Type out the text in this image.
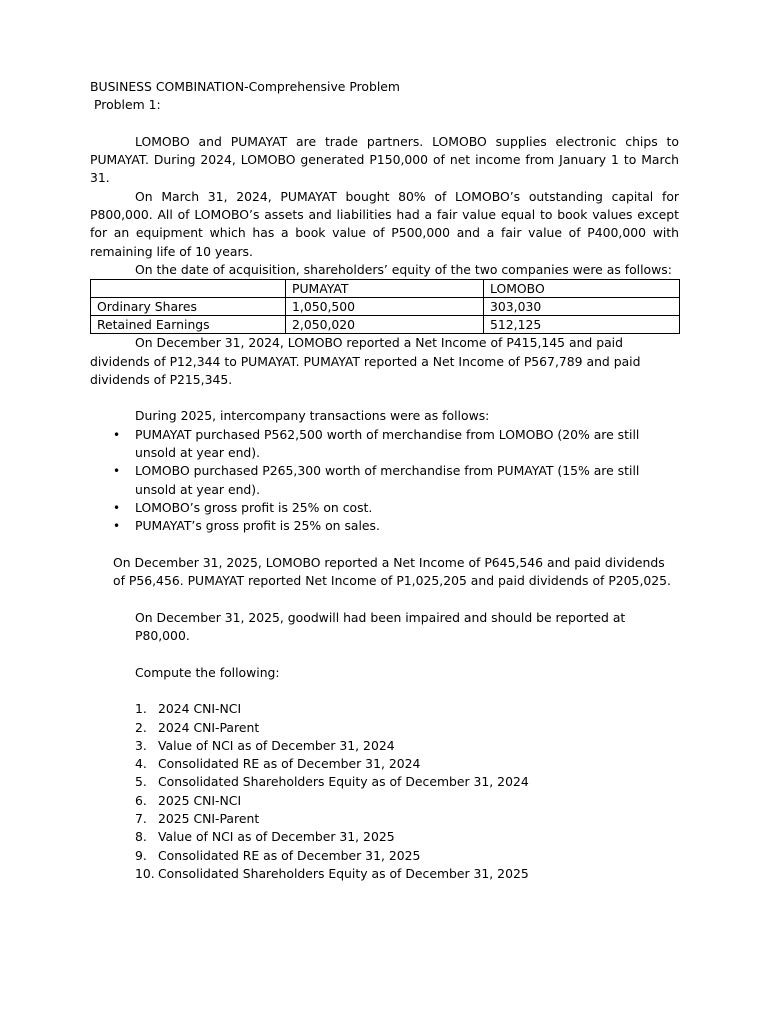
BUSINESS COMBINATION-Comprehensive Problem

Problem 1:

LOMOBO and PUMAYAT are trade partners. LOMOBO supplies electronic chips to PUMAYAT. During 2024, LOMOBO generated P150,000 of net income from January 1 to March 31.

On March 31, 2024, PUMAYAT bought 80% of LOMOBO’s outstanding capital for P800,000. All of LOMOBO’s assets and liabilities had a fair value equal to book values except for an equipment which has a book value of P500,000 and a fair value of P400,000 with remaining life of 10 years.

On the date of acquisition, shareholders’ equity of the two companies were as follows:

	PUMAYAT	LOMOBO
Ordinary Shares	1,050,500	303,030
Retained Earnings	2,050,020	512,125

On December 31, 2024, LOMOBO reported a Net Income of P415,145 and paid dividends of P12,344 to PUMAYAT. PUMAYAT reported a Net Income of P567,789 and paid dividends of P215,345.

During 2025, intercompany transactions were as follows:

• PUMAYAT purchased P562,500 worth of merchandise from LOMOBO (20% are still unsold at year end).
• LOMOBO purchased P265,300 worth of merchandise from PUMAYAT (15% are still unsold at year end).
• LOMOBO’s gross profit is 25% on cost.
• PUMAYAT’s gross profit is 25% on sales.

On December 31, 2025, LOMOBO reported a Net Income of P645,546 and paid dividends of P56,456. PUMAYAT reported Net Income of P1,025,205 and paid dividends of P205,025.

On December 31, 2025, goodwill had been impaired and should be reported at P80,000.

Compute the following:

1. 2024 CNI-NCI
2. 2024 CNI-Parent
3. Value of NCI as of December 31, 2024
4. Consolidated RE as of December 31, 2024
5. Consolidated Shareholders Equity as of December 31, 2024
6. 2025 CNI-NCI
7. 2025 CNI-Parent
8. Value of NCI as of December 31, 2025
9. Consolidated RE as of December 31, 2025
10. Consolidated Shareholders Equity as of December 31, 2025
